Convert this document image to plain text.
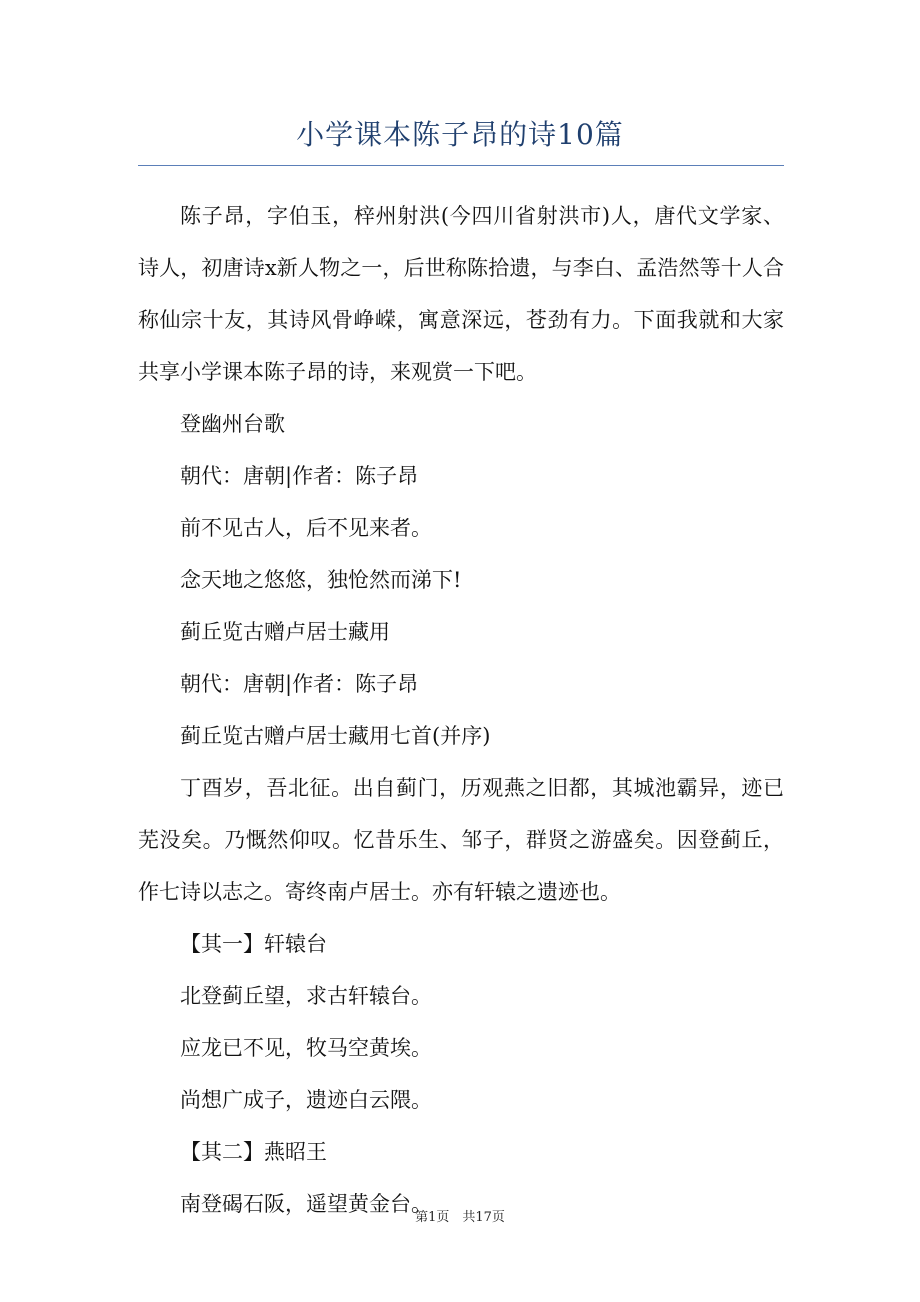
小学课本陈子昂的诗10篇

陈子昂，字伯玉，梓州射洪(今四川省射洪市)人，唐代文学家、诗人，初唐诗x新人物之一，后世称陈拾遗，与李白、孟浩然等十人合称仙宗十友，其诗风骨峥嵘，寓意深远，苍劲有力。下面我就和大家共享小学课本陈子昂的诗，来观赏一下吧。

登幽州台歌

朝代：唐朝|作者：陈子昂

前不见古人，后不见来者。

念天地之悠悠，独怆然而涕下!

蓟丘览古赠卢居士藏用

朝代：唐朝|作者：陈子昂

蓟丘览古赠卢居士藏用七首(并序)

丁酉岁，吾北征。出自蓟门，历观燕之旧都，其城池霸异，迹已芜没矣。乃慨然仰叹。忆昔乐生、邹子，群贤之游盛矣。因登蓟丘，作七诗以志之。寄终南卢居士。亦有轩辕之遗迹也。

【其一】轩辕台

北登蓟丘望，求古轩辕台。

应龙已不见，牧马空黄埃。

尚想广成子，遗迹白云隈。

【其二】燕昭王

南登碣石阪，遥望黄金台。

第1页　共17页
